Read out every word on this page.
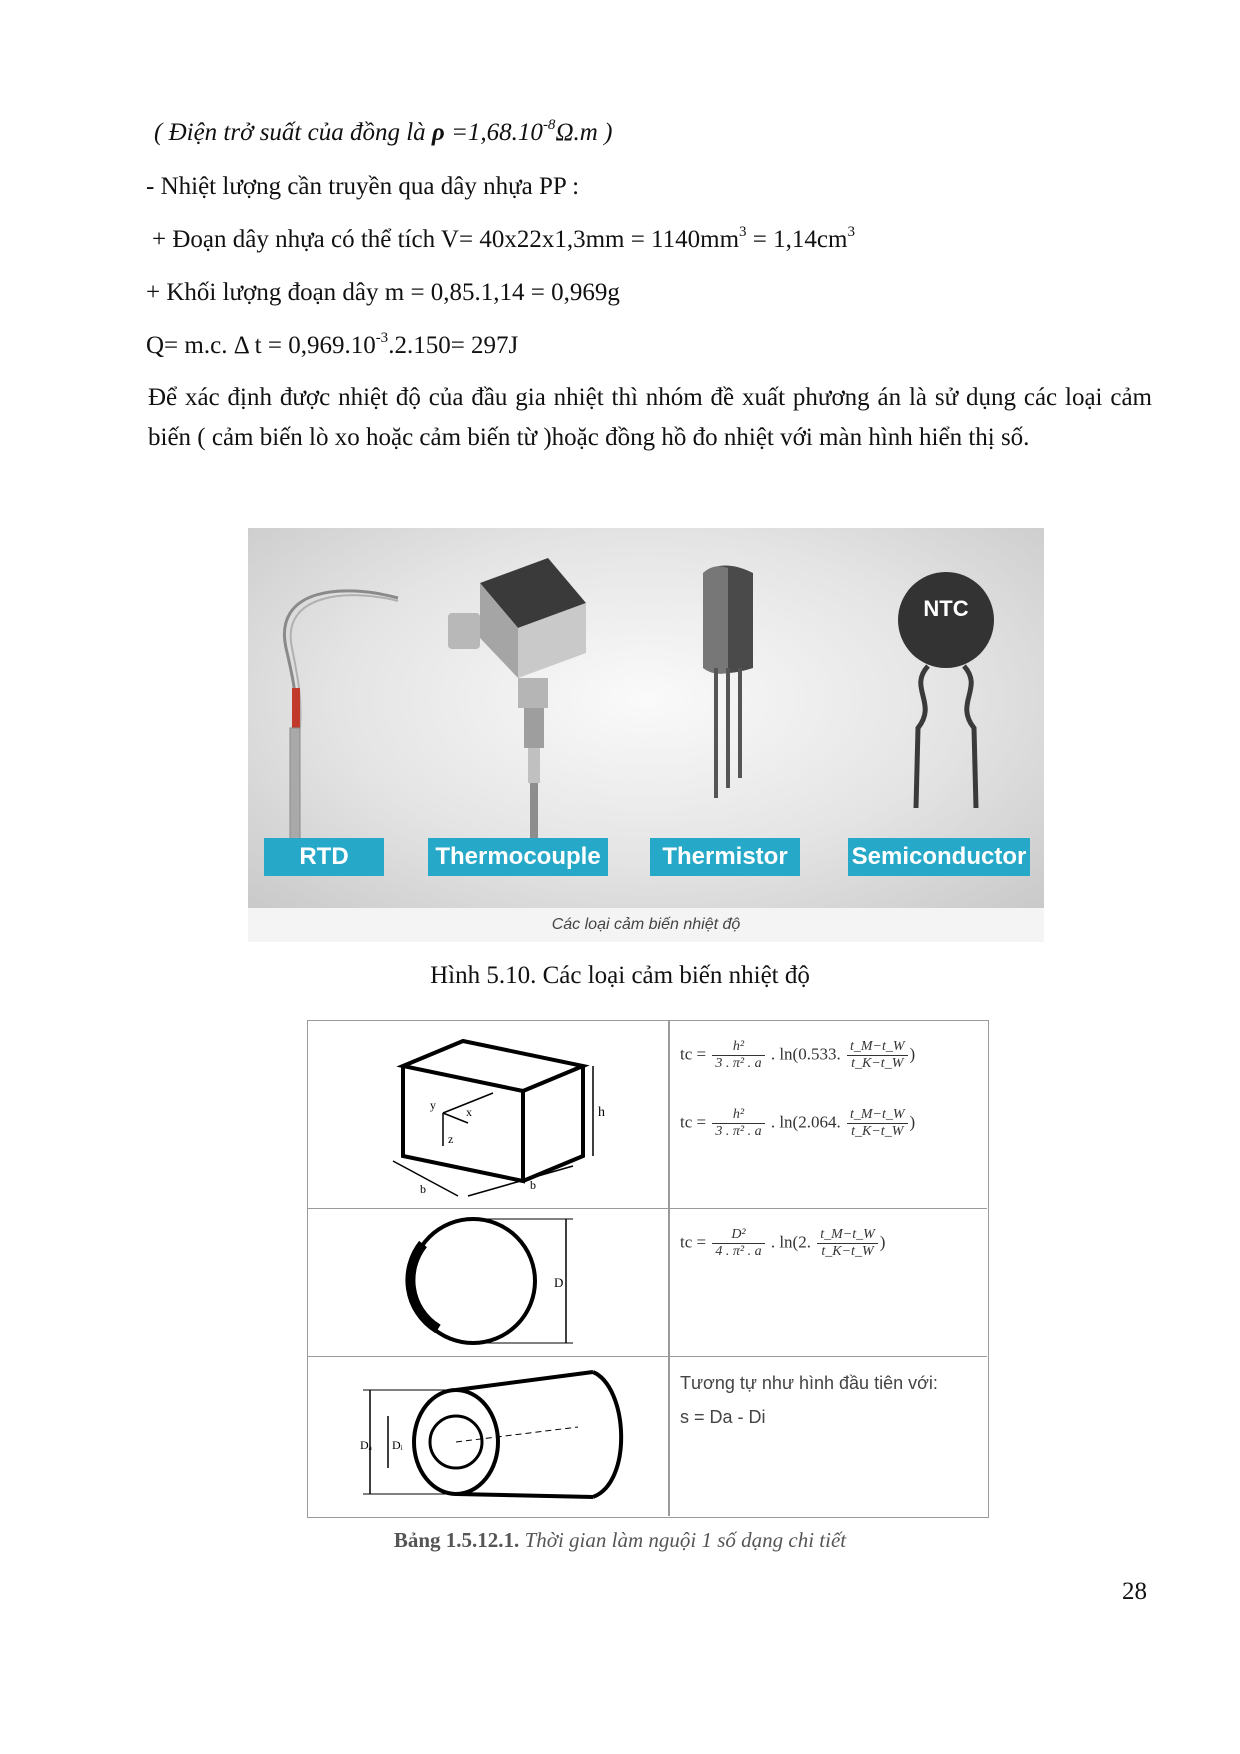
( Điện trở suất của đồng là $\rho =1,68.10^{-8}\Omega.m$ )
- Nhiệt lượng cần truyền qua dây nhựa PP :
+ Đoạn dây nhựa có thể tích $V= 40x22x1,3mm = 1140mm^3 = 1,14cm^3$
+ Khối lượng đoạn dây m = 0,85.1,14 = 0,969g
Q= m.c. Δ $t = 0,969.10^{-3}.2.150= 297J$
Để xác định được nhiệt độ của đầu gia nhiệt thì nhóm đề xuất phương án là sử dụng các loại cảm biến ( cảm biến lò xo hoặc cảm biến từ )hoặc đồng hồ đo nhiệt với màn hình hiển thị số.
NTC
RTD	Thermocouple	Thermistor	Semiconductor
Các loại cảm biến nhiệt độ
Hình 5.10. Các loại cảm biến nhiệt độ
y	x
z
h
b	b
tc = $\frac{\text{h²}}{\text{3 . π² . a}}$ . ln(0.533. $\frac{t\_M-t\_W}{t\_K-t\_W}$ )
tc = $\frac{\text{h²}}{\text{3 . π² . a}}$ . ln(2.064. $\frac{t\_M-t\_W}{t\_K-t\_W}$ )
D
tc = $\frac{\text{D²}}{\text{4 . π² . a}}$ . ln(2. $\frac{t\_M-t\_W}{t\_K-t\_W}$ )
Dₐ Dᵢ
Tương tự như hình đầu tiên với:
s = Da - Di
Bảng 1.5.12.1. Thời gian làm nguội 1 số dạng chi tiết
28
